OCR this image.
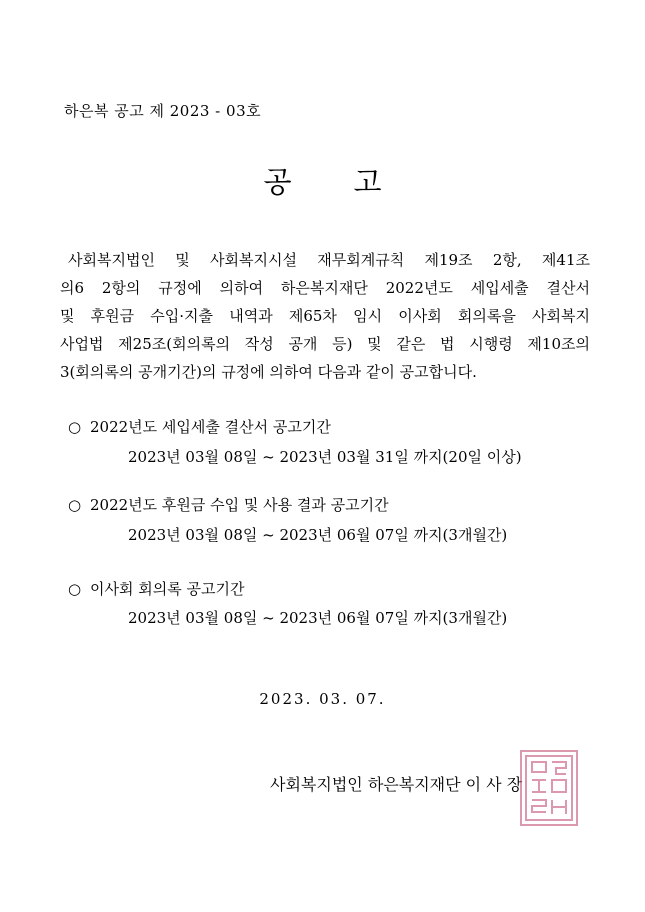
하은복 공고 제 2023 - 03호
공 고
사회복지법인 및 사회복지시설 재무회계규칙 제19조 2항, 제41조
의6 2항의 규정에 의하여 하은복지재단 2022년도 세입세출 결산서
및 후원금 수입·지출 내역과 제65차 임시 이사회 회의록을 사회복지
사업법 제25조(회의록의 작성 공개 등) 및 같은 법 시행령 제10조의
3(회의록의 공개기간)의 규정에 의하여 다음과 같이 공고합니다.
○ 2022년도 세입세출 결산서 공고기간
2023년 03월 08일 ~ 2023년 03월 31일 까지(20일 이상)
○ 2022년도 후원금 수입 및 사용 결과 공고기간
2023년 03월 08일 ~ 2023년 06월 07일 까지(3개월간)
○ 이사회 회의록 공고기간
2023년 03월 08일 ~ 2023년 06월 07일 까지(3개월간)
2023. 03. 07.
사회복지법인 하은복지재단 이 사 장
